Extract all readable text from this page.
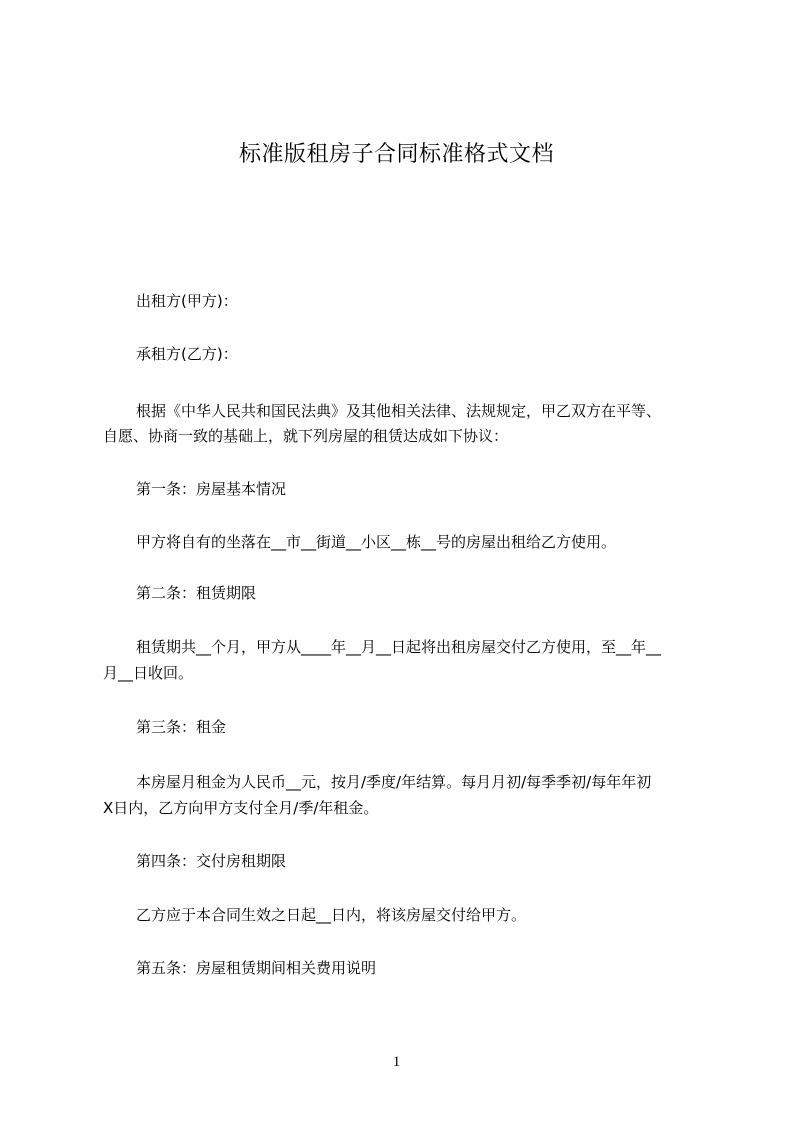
标准版租房子合同标准格式文档
出租方(甲方)：
承租方(乙方)：
根据《中华人民共和国民法典》及其他相关法律、法规规定，甲乙双方在平等、
自愿、协商一致的基础上，就下列房屋的租赁达成如下协议：
第一条：房屋基本情况
甲方将自有的坐落在__市__街道__小区__栋__号的房屋出租给乙方使用。
第二条：租赁期限
租赁期共__个月，甲方从____年__月__日起将出租房屋交付乙方使用，至__年__
月__日收回。
第三条：租金
本房屋月租金为人民币__元，按月/季度/年结算。每月月初/每季季初/每年年初
X日内，乙方向甲方支付全月/季/年租金。
第四条：交付房租期限
乙方应于本合同生效之日起__日内，将该房屋交付给甲方。
第五条：房屋租赁期间相关费用说明
1
